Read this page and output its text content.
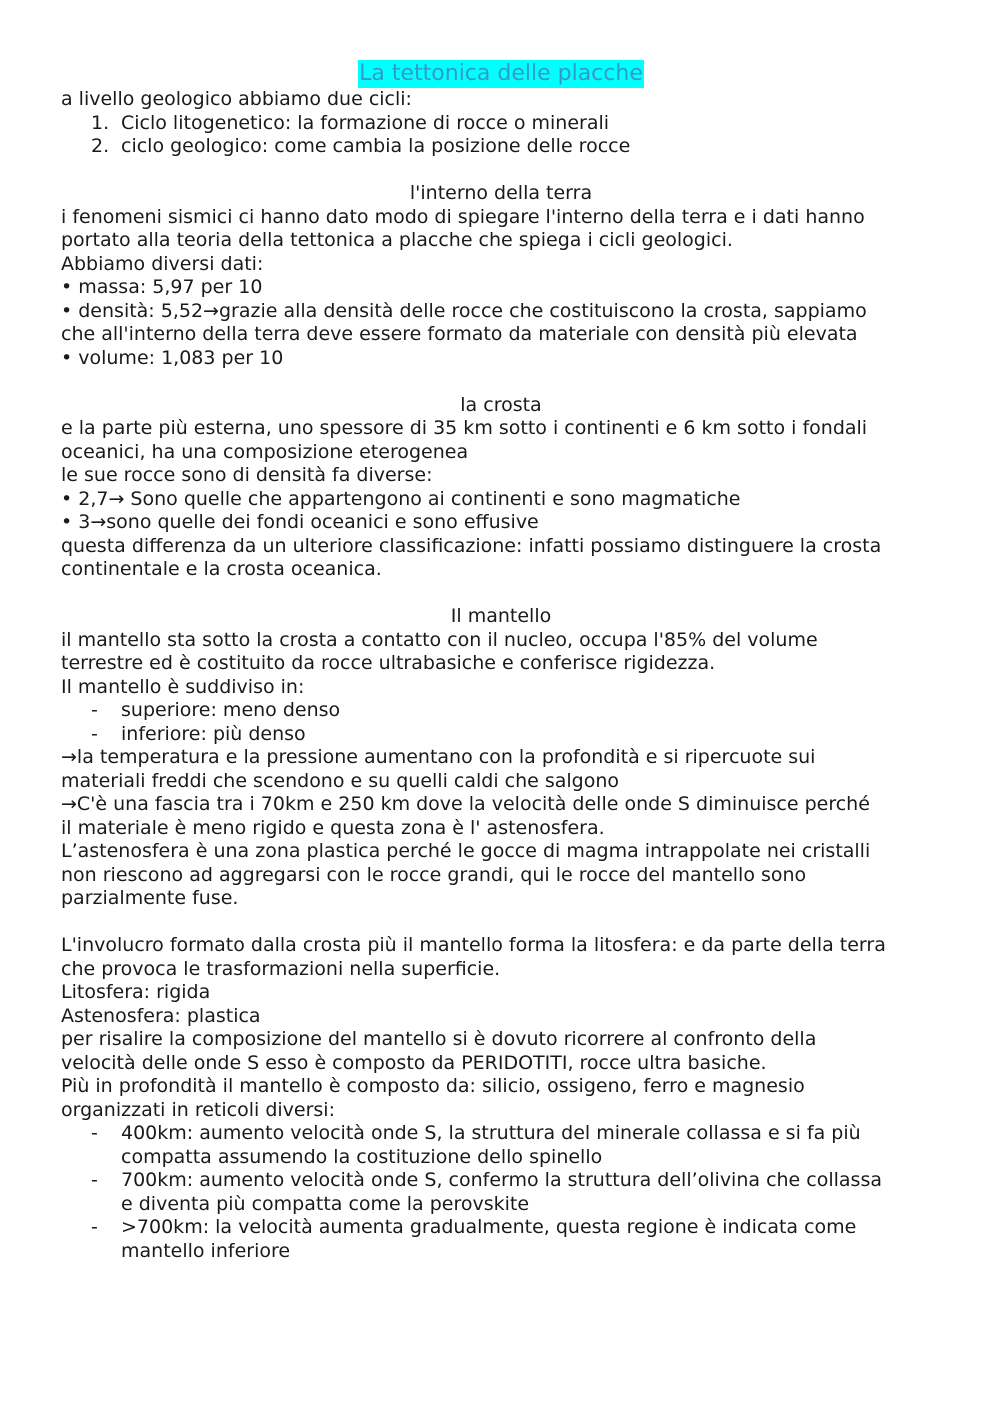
La tettonica delle placche
a livello geologico abbiamo due cicli:
1. Ciclo litogenetico: la formazione di rocce o minerali
2. ciclo geologico: come cambia la posizione delle rocce
l'interno della terra
i fenomeni sismici ci hanno dato modo di spiegare l'interno della terra e i dati hanno
portato alla teoria della tettonica a placche che spiega i cicli geologici.
Abbiamo diversi dati:
• massa: 5,97 per 10
• densità: 5,52→grazie alla densità delle rocce che costituiscono la crosta, sappiamo
che all'interno della terra deve essere formato da materiale con densità più elevata
• volume: 1,083 per 10
la crosta
e la parte più esterna, uno spessore di 35 km sotto i continenti e 6 km sotto i fondali
oceanici, ha una composizione eterogenea
le sue rocce sono di densità fa diverse:
• 2,7→ Sono quelle che appartengono ai continenti e sono magmatiche
• 3→sono quelle dei fondi oceanici e sono effusive
questa differenza da un ulteriore classificazione: infatti possiamo distinguere la crosta
continentale e la crosta oceanica.
Il mantello
il mantello sta sotto la crosta a contatto con il nucleo, occupa l'85% del volume
terrestre ed è costituito da rocce ultrabasiche e conferisce rigidezza.
Il mantello è suddiviso in:
- superiore: meno denso
- inferiore: più denso
→la temperatura e la pressione aumentano con la profondità e si ripercuote sui
materiali freddi che scendono e su quelli caldi che salgono
→C'è una fascia tra i 70km e 250 km dove la velocità delle onde S diminuisce perché
il materiale è meno rigido e questa zona è l' astenosfera.
L’astenosfera è una zona plastica perché le gocce di magma intrappolate nei cristalli
non riescono ad aggregarsi con le rocce grandi, qui le rocce del mantello sono
parzialmente fuse.
L'involucro formato dalla crosta più il mantello forma la litosfera: e da parte della terra
che provoca le trasformazioni nella superficie.
Litosfera: rigida
Astenosfera: plastica
per risalire la composizione del mantello si è dovuto ricorrere al confronto della
velocità delle onde S esso è composto da PERIDOTITI, rocce ultra basiche.
Più in profondità il mantello è composto da: silicio, ossigeno, ferro e magnesio
organizzati in reticoli diversi:
- 400km: aumento velocità onde S, la struttura del minerale collassa e si fa più
compatta assumendo la costituzione dello spinello
- 700km: aumento velocità onde S, confermo la struttura dell’olivina che collassa
e diventa più compatta come la perovskite
- >700km: la velocità aumenta gradualmente, questa regione è indicata come
mantello inferiore
